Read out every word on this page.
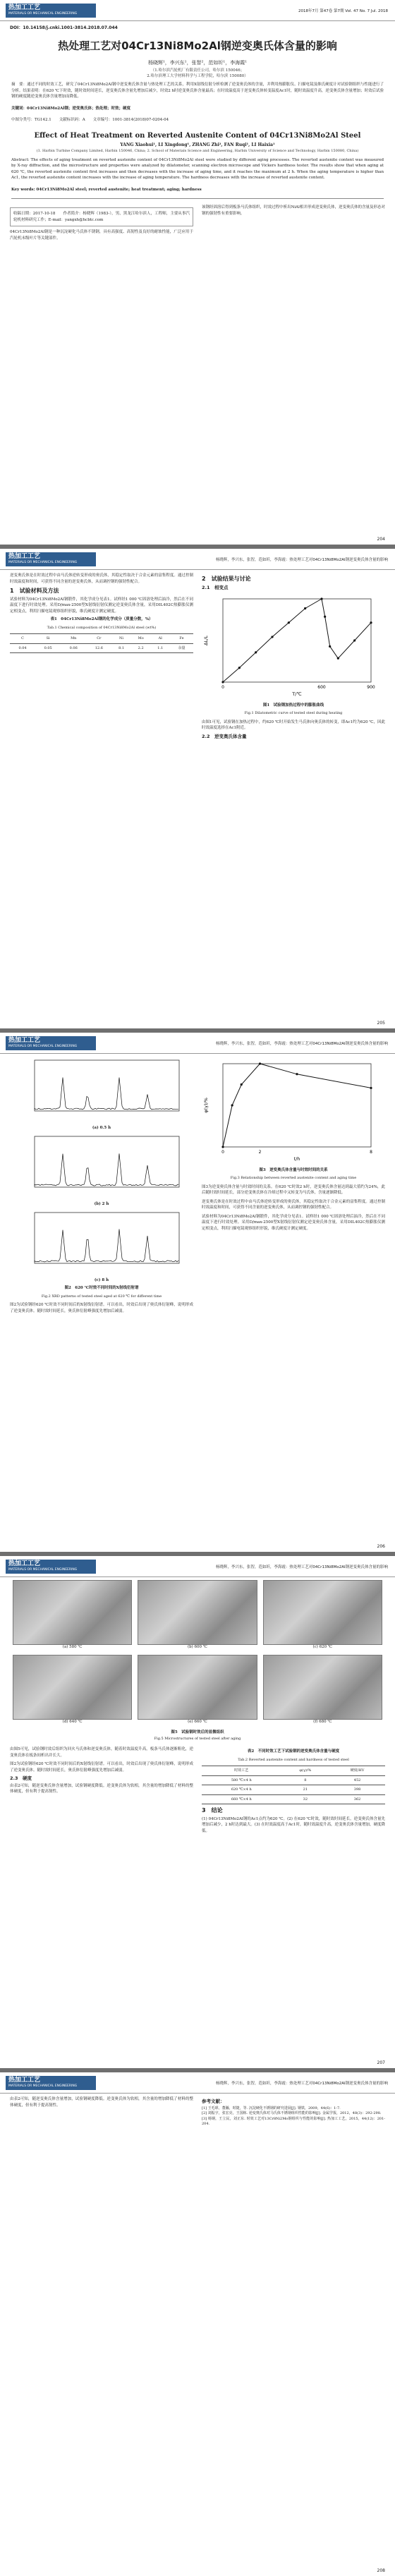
热加工工艺
MATERIALS OR MECHANICAL ENGINEERING
2018年7月 第47卷 第7期 Vol. 47 No. 7 Jul. 2018
DOI：10.14158/j.cnki.1001-3814.2018.07.044
热处理工艺对04Cr13Ni8Mo2Al钢逆变奥氏体含量的影响
杨晓辉¹，李兴东¹，张智²，范如圻¹，李海霞¹
（1.哈尔滨汽轮机厂有限责任公司，哈尔滨 150046；
2.哈尔滨理工大学材料科学与工程学院，哈尔滨 150080）
摘　要：通过不同的时效工艺，研究了04Cr13Ni8Mo2Al钢中逆变奥氏体含量与热处理工艺的关系，利用X射线衍射分析检测了逆变奥氏体的含量，并利用热膨胀仪、扫描电镜及维氏硬度计对试验钢组织与性能进行了分析。结果表明：在620 ℃下时效，随时效时间延长，逆变奥氏体含量先增加后减少，时效2 h时逆变奥氏体含量最高；在时效温度高于逆变奥氏体转变温度Ac1时，随时效温度升高，逆变奥氏体含量增加；时效后试验钢的硬度随逆变奥氏体含量增加而降低。
关键词：04Cr13Ni8Mo2Al钢；逆变奥氏体；热处理；时效；硬度
中图分类号：TG142.1　　文献标识码：A　　文章编号：1001-3814(2018)07-0204-04
Effect of Heat Treatment on Reverted Austenite Content of 04Cr13Ni8Mo2Al Steel
YANG Xiaohui¹, LI Xingdong¹, ZHANG Zhi², FAN Ruqi¹, LI Haixia¹
(1. Harbin Turbine Company Limited, Harbin 150046, China; 2. School of Materials Science and Engineering, Harbin University of Science and Technology, Harbin 150080, China)
Abstract: The effects of aging treatment on reverted austenite content of 04Cr13Ni8Mo2Al steel were studied by different aging processes. The reverted austenite content was measured by X-ray diffraction, and the microstructure and properties were analyzed by dilatometer, scanning electron microscope and Vickers hardness tester. The results show that when aging at 620 ℃, the reverted austenite content first increases and then decreases with the increase of aging time, and it reaches the maximum at 2 h. When the aging temperature is higher than Ac1, the reverted austenite content increases with the increase of aging temperature. The hardness decreases with the increase of reverted austenite content.
Key words: 04Cr13Ni8Mo2Al steel; reverted austenite; heat treatment; aging; hardness
收稿日期：2017-10-18　　作者简介：杨晓辉（1983-），男，黑龙江哈尔滨人，工程师，主要从事汽轮机材料研究工作；E-mail：yangxh@hcbtc.com
04Cr13Ni8Mo2Al钢是一种沉淀硬化马氏体不锈钢，具有高强度、高韧性及良好的耐蚀性能，广泛应用于汽轮机末级叶片等关键部件。
该钢经固溶后得到板条马氏体组织，时效过程中析出NiAl相并形成逆变奥氏体，逆变奥氏体的含量及形态对钢的强韧性有重要影响。
204
热加工工艺
MATERIALS OR MECHANICAL ENGINEERING
杨晓辉，李兴东，张智，范如圻，李海霞：热处理工艺对04Cr13Ni8Mo2Al钢逆变奥氏体含量的影响
逆变奥氏体是在时效过程中由马氏体逆转变形成的奥氏体，其稳定性取决于合金元素的富集程度。通过控制时效温度和时间，可获得不同含量的逆变奥氏体，从而调控钢的强韧性配合。
1　试验材料及方法
试验材料为04Cr13Ni8Mo2Al钢锻件，其化学成分见表1。试样经1 000 ℃固溶处理后油冷，然后在不同温度下进行时效处理。采用D/max-2500型X射线衍射仪测定逆变奥氏体含量，采用DIL402C热膨胀仪测定相变点，利用扫描电镜观察组织形貌，维氏硬度计测定硬度。
表1　04Cr13Ni8Mo2Al钢的化学成分（质量分数，%）
Tab.1 Chemical composition of 04Cr13Ni8Mo2Al steel (wt%)
C	Si	Mn	Cr	Ni	Mo	Al	Fe
0.04	0.05	0.06	12.6	8.1	2.2	1.1	余量
2　试验结果与讨论
2.1　相变点
0	600	900
T/℃
ΔL/L
图1　试验钢加热过程中的膨胀曲线
Fig.1 Dilatometric curve of tested steel during heating
由图1可见，试验钢在加热过程中，约620 ℃时开始发生马氏体向奥氏体的转变，即Ac1约为620 ℃，因此时效温度选择在Ac1附近。
2.2　逆变奥氏体含量
205
热加工工艺
MATERIALS OR MECHANICAL ENGINEERING
杨晓辉，李兴东，张智，范如圻，李海霞：热处理工艺对04Cr13Ni8Mo2Al钢逆变奥氏体含量的影响
(a) 0.5 h
(b) 2 h
(c) 8 h
图2　620 ℃时效不同时间的X射线衍射谱
Fig.2 XRD patterns of tested steel aged at 620 ℃ for different time
图2为试验钢经620 ℃时效不同时间后的X射线衍射谱。可以看出，时效后出现了奥氏体衍射峰，说明形成了逆变奥氏体。随时效时间延长，奥氏体衍射峰强度先增加后减弱。
0	2	8
t/h
φ(γ)/%
图3　逆变奥氏体含量与时效时间的关系
Fig.3 Relationship between reverted austenite content and aging time
图3为逆变奥氏体含量与时效时间的关系。在620 ℃时效2 h时，逆变奥氏体含量达到最大值约为24%，此后随时效时间延长，部分逆变奥氏体在冷却过程中又转变为马氏体，含量逐渐降低。
逆变奥氏体是在时效过程中由马氏体逆转变形成的奥氏体，其稳定性取决于合金元素的富集程度。通过控制时效温度和时间，可获得不同含量的逆变奥氏体，从而调控钢的强韧性配合。
试验材料为04Cr13Ni8Mo2Al钢锻件，其化学成分见表1。试样经1 000 ℃固溶处理后油冷，然后在不同温度下进行时效处理。采用D/max-2500型X射线衍射仪测定逆变奥氏体含量，采用DIL402C热膨胀仪测定相变点，利用扫描电镜观察组织形貌，维氏硬度计测定硬度。
206
热加工工艺
MATERIALS OR MECHANICAL ENGINEERING
杨晓辉，李兴东，张智，范如圻，李海霞：热处理工艺对04Cr13Ni8Mo2Al钢逆变奥氏体含量的影响
(a) 580 ℃	(b) 600 ℃	(c) 620 ℃
(d) 640 ℃	(e) 660 ℃	(f) 680 ℃
图5　试验钢时效后的显微组织
Fig.5 Microstructures of tested steel after aging
由图5可见，试验钢时效后组织为回火马氏体和逆变奥氏体，随着时效温度升高，板条马氏体逐渐粗化，逆变奥氏体在板条间析出并长大。
图2为试验钢经620 ℃时效不同时间后的X射线衍射谱。可以看出，时效后出现了奥氏体衍射峰，说明形成了逆变奥氏体。随时效时间延长，奥氏体衍射峰强度先增加后减弱。
2.3　硬度
由表2可知，随逆变奥氏体含量增加，试验钢硬度降低。逆变奥氏体为软相，其含量的增加降低了材料的整体硬度，但有利于提高韧性。
表2　不同时效工艺下试验钢的逆变奥氏体含量与硬度
Tab.2 Reverted austenite content and hardness of tested steel
时效工艺	φ(γ)/%	硬度/HV
580 ℃×4 h	8	452
620 ℃×4 h	21	398
660 ℃×4 h	32	362
3　结论
(1) 04Cr13Ni8Mo2Al钢的Ac1点约为620 ℃。(2) 在620 ℃时效，随时效时间延长，逆变奥氏体含量先增加后减少，2 h时达到最大。(3) 在时效温度高于Ac1时，随时效温度升高，逆变奥氏体含量增加，硬度降低。
207
热加工工艺
MATERIALS OR MECHANICAL ENGINEERING
杨晓辉，李兴东，张智，范如圻，李海霞：热处理工艺对04Cr13Ni8Mo2Al钢逆变奥氏体含量的影响
由表2可知，随逆变奥氏体含量增加，试验钢硬度降低。逆变奥氏体为软相，其含量的增加降低了材料的整体硬度，但有利于提高韧性。
参考文献：
[1] 王毛球，董瀚，时捷，等. 沉淀硬化不锈钢的研究进展[J]. 钢铁，2009，44(6)：1-7.
[2] 刘振宇，张宏亮，王国栋. 逆变奥氏体对马氏体不锈钢组织性能的影响[J]. 金属学报，2012，48(3)：292-298.
[3] 杨钢，王立民，刘正东. 时效工艺对13Cr8Ni2Mo钢组织与性能的影响[J]. 热加工工艺，2015，44(12)：201-204.
208
